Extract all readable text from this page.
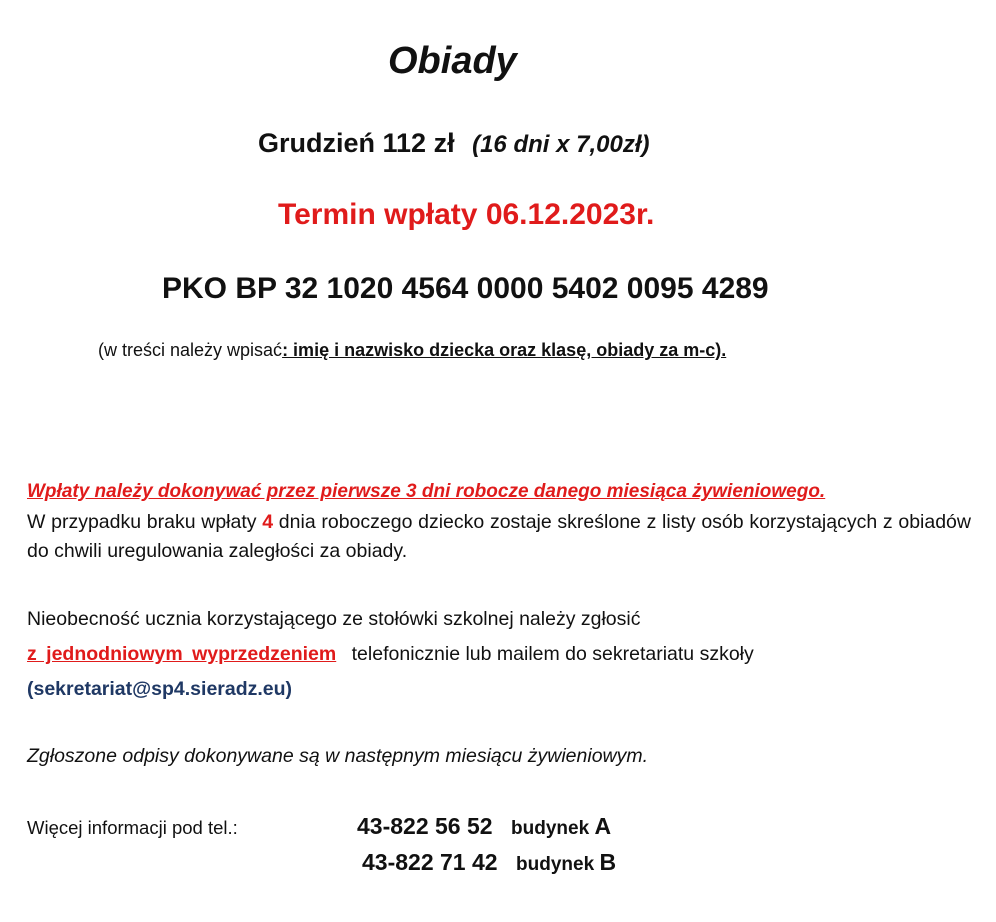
Obiady
Grudzień 112 zł (16 dni x 7,00zł)
Termin wpłaty 06.12.2023r.
PKO BP 32 1020 4564 0000 5402 0095 4289
(w treści należy wpisać: imię i nazwisko dziecka oraz klasę, obiady za m-c).
Wpłaty należy dokonywać przez pierwsze 3 dni robocze danego miesiąca żywieniowego.
W przypadku braku wpłaty 4 dnia roboczego dziecko zostaje skreślone z listy osób korzystających z obiadów do chwili uregulowania zaległości za obiady.
Nieobecność ucznia korzystającego ze stołówki szkolnej należy zgłosić
z jednodniowym wyprzedzeniem telefonicznie lub mailem do sekretariatu szkoły
(sekretariat@sp4.sieradz.eu)
Zgłoszone odpisy dokonywane są w następnym miesiącu żywieniowym.
Więcej informacji pod tel.:	43-822 56 52 budynek A
43-822 71 42 budynek B
